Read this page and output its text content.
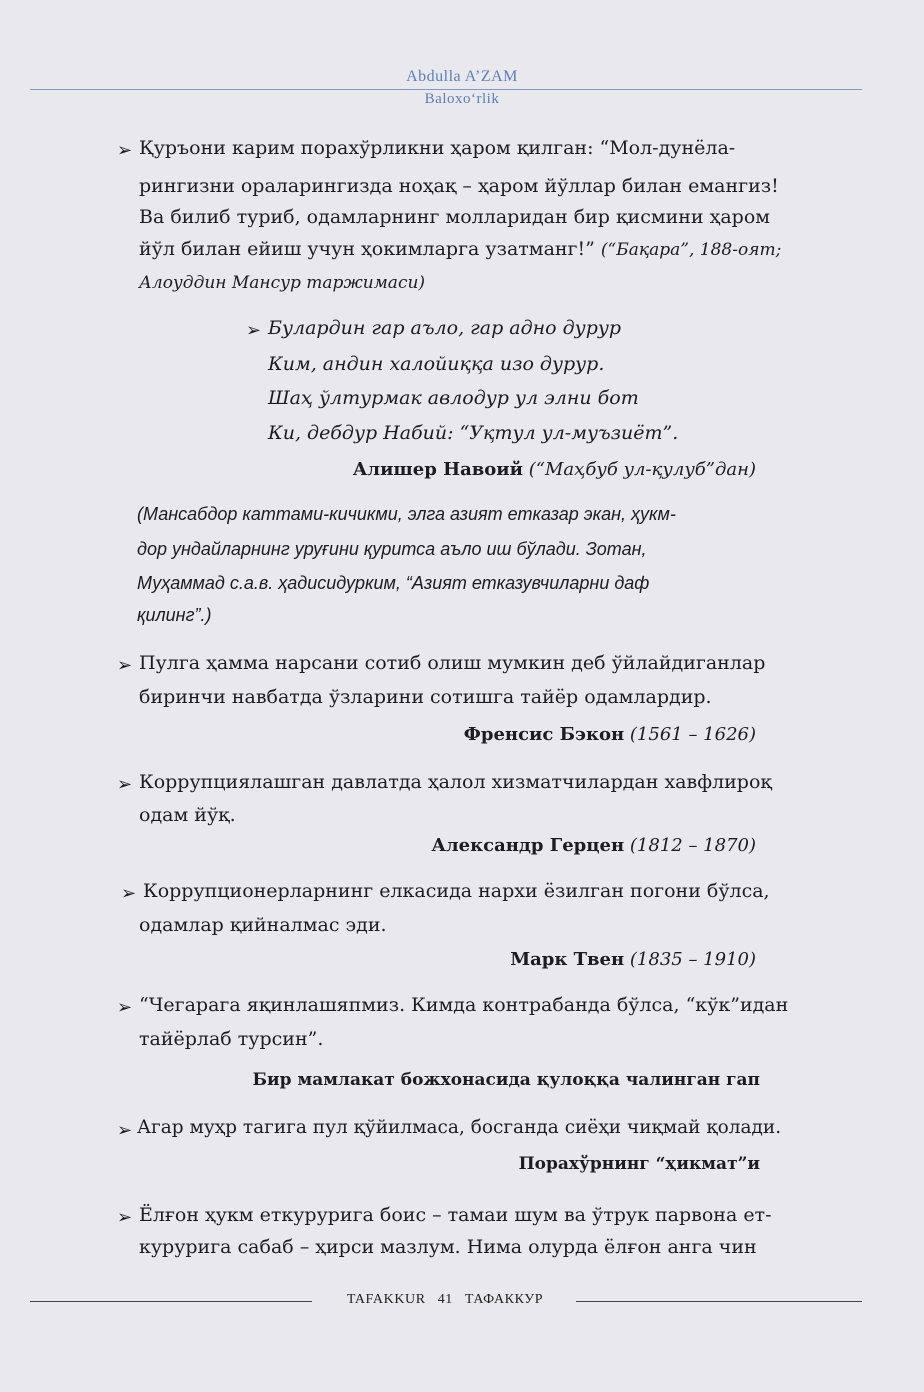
Abdulla A’ZAM
Baloxo‘rlik
➢ Қуръони карим порахўрликни ҳаром қилган: “Мол-дунёла-
рингизни ораларингизда ноҳақ – ҳаром йўллар билан емангиз!
Ва билиб туриб, одамларнинг молларидан бир қисмини ҳаром
йўл билан ейиш учун ҳокимларга узатманг!” (“Бақара”, 188-оят;
Алоуддин Мансур таржимаси)
➢ Булардин гар аъло, гар адно дурур
Ким, андин халойиққа изо дурур.
Шаҳ ўлтурмак авлодур ул элни бот
Ки, дебдур Набий: “Уқтул ул-муъзиёт”.
Алишер Навоий (“Маҳбуб ул-қулуб”дан)
(Мансабдор каттами-кичикми, элга азият етказар экан, ҳукм-
дор ундайларнинг уруғини қуритса аъло иш бўлади. Зотан,
Муҳаммад с.а.в. ҳадисидурким, “Азият етказувчиларни даф
қилинг”.)
➢ Пулга ҳамма нарсани сотиб олиш мумкин деб ўйлайдиганлар
биринчи навбатда ўзларини сотишга тайёр одамлардир.
Френсис Бэкон (1561 – 1626)
➢ Коррупциялашган давлатда ҳалол хизматчилардан хавфлироқ
одам йўқ.
Александр Герцен (1812 – 1870)
➢ Коррупционерларнинг елкасида нархи ёзилган погони бўлса,
одамлар қийналмас эди.
Марк Твен (1835 – 1910)
➢ “Чегарага яқинлашяпмиз. Кимда контрабанда бўлса, “кўк”идан
тайёрлаб турсин”.
Бир мамлакат божхонасида қулоққа чалинган гап
➢ Агар муҳр тагига пул қўйилмаса, босганда сиёҳи чиқмай қолади.
Порахўрнинг “ҳикмат”и
➢ Ёлғон ҳукм еткурурига боис – тамаи шум ва ўтрук парвона ет-
курурига сабаб – ҳирси мазлум. Нима олурда ёлғон анга чин
TAFAKKUR 41 ТАФАККУР
